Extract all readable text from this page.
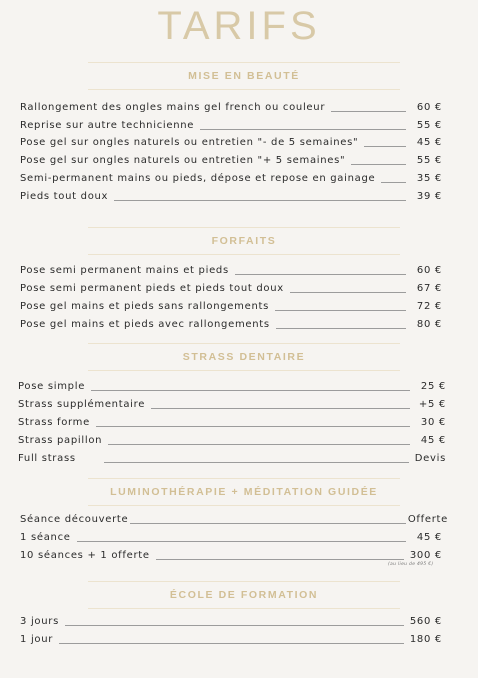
TARIFS
MISE EN BEAUTÉ
Rallongement des ongles mains gel french ou couleur	60 €
Reprise sur autre technicienne	55 €
Pose gel sur ongles naturels ou entretien "- de 5 semaines"	45 €
Pose gel sur ongles naturels ou entretien "+ 5 semaines"	55 €
Semi-permanent mains ou pieds, dépose et repose en gainage	35 €
Pieds tout doux	39 €
FORFAITS
Pose semi permanent mains et pieds	60 €
Pose semi permanent pieds et pieds tout doux	67 €
Pose gel mains et pieds sans rallongements	72 €
Pose gel mains et pieds avec rallongements	80 €
STRASS DENTAIRE
Pose simple	25 €
Strass supplémentaire	+5 €
Strass forme	30 €
Strass papillon	45 €
Full strass	Devis
LUMINOTHÉRAPIE + MÉDITATION GUIDÉE
Séance découverte	Offerte
1 séance	45 €
10 séances + 1 offerte	300 €
(au lieu de 495 €)
ÉCOLE DE FORMATION
3 jours	560 €
1 jour	180 €
